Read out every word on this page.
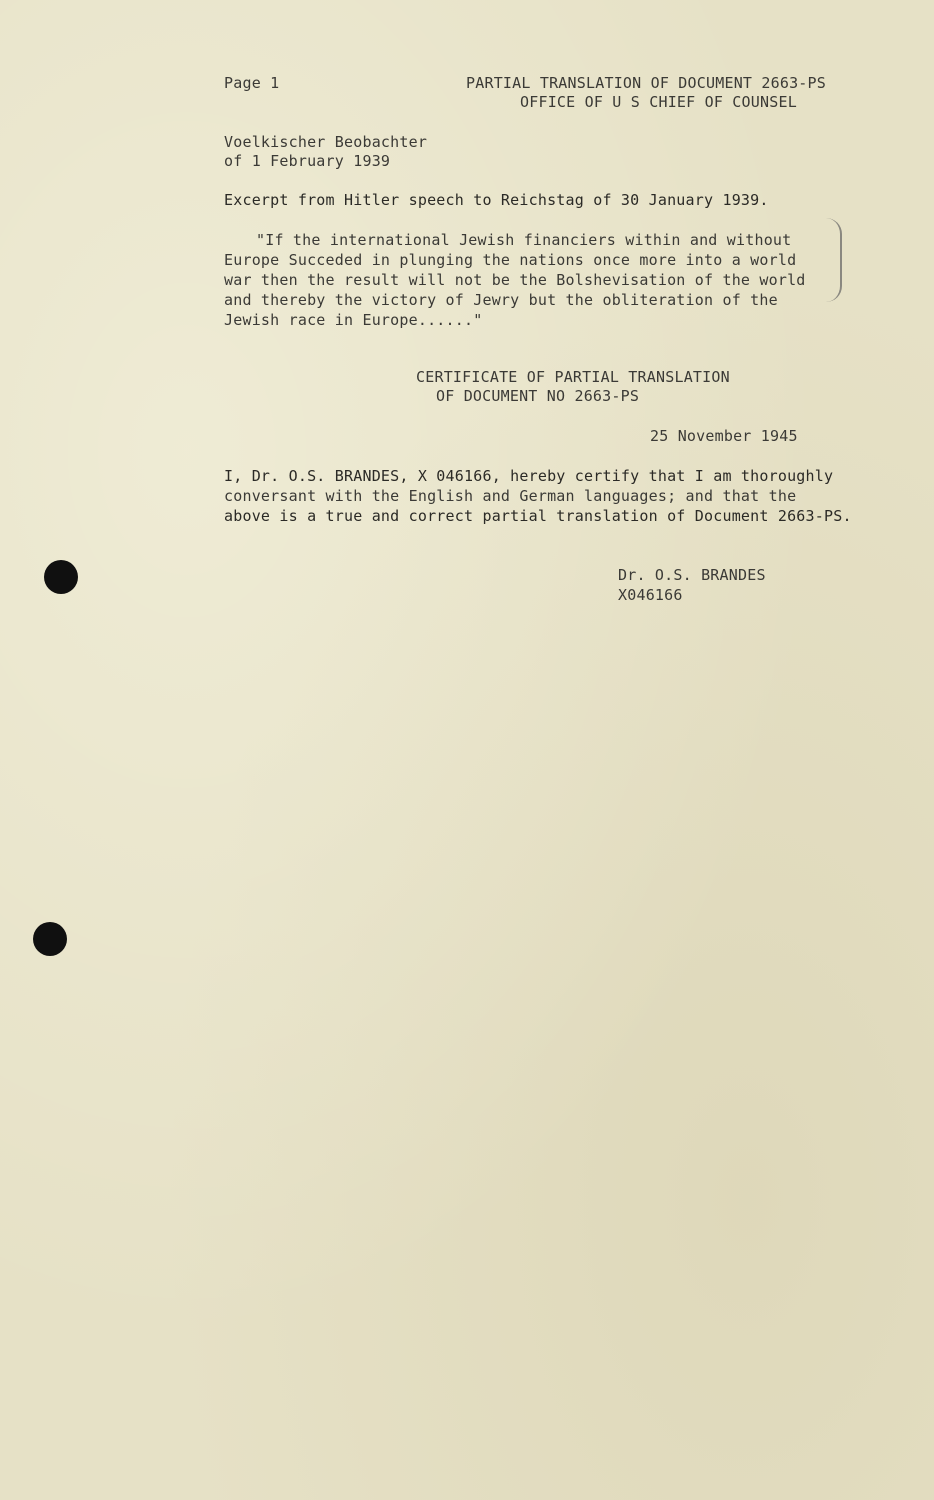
Page 1	PARTIAL TRANSLATION OF DOCUMENT 2663-PS
OFFICE OF U S CHIEF OF COUNSEL
Voelkischer Beobachter
of 1 February 1939
Excerpt from Hitler speech to Reichstag of 30 January 1939.
"If the international Jewish financiers within and without
Europe Succeded in plunging the nations once more into a world
war then the result will not be the Bolshevisation of the world
and thereby the victory of Jewry but the obliteration of the
Jewish race in Europe......"
CERTIFICATE OF PARTIAL TRANSLATION
OF DOCUMENT NO 2663-PS
25 November 1945
I, Dr. O.S. BRANDES, X 046166, hereby certify that I am thoroughly
conversant with the English and German languages; and that the
above is a true and correct partial translation of Document 2663-PS.
Dr. O.S. BRANDES
X046166
